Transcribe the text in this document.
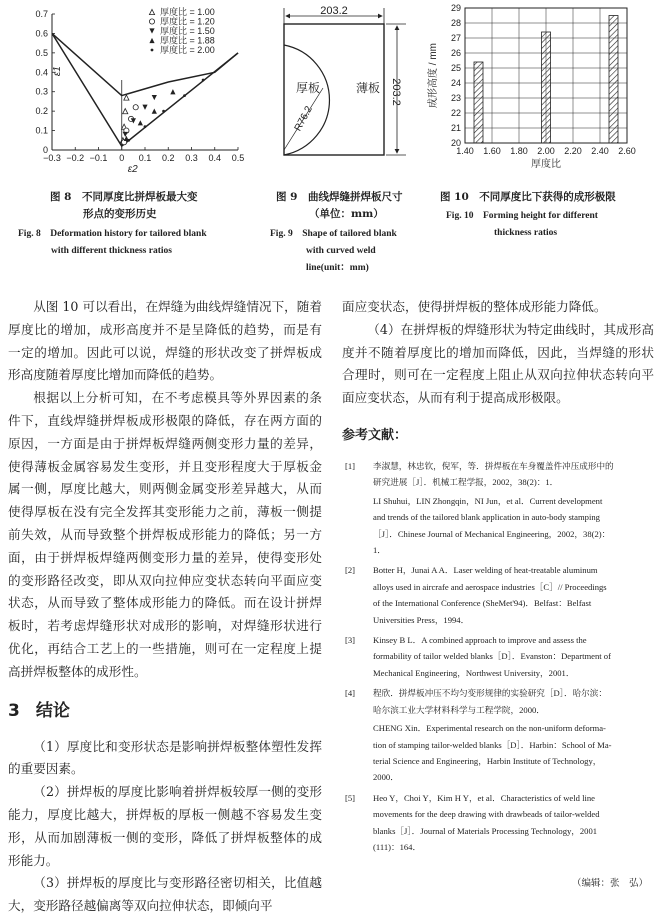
−0.3 −0.2 −0.1 0 0.1 0.2 0.3 0.4 0.5
0
0.1
0.2
0.3
0.4
0.5
0.6
0.7
ε2
ε1
厚度比 = 1.00
厚度比 = 1.20
厚度比 = 1.50
厚度比 = 1.88
厚度比 = 2.00
图 8　不同厚度比拼焊板最大变
形点的变形历史
Fig. 8　 Deformation history for tailored blank
with different thickness ratios
203.2
R76.2
厚板	薄板 203.2
图 9　曲线焊缝拼焊板尺寸
（单位：mm）
Fig. 9　 Shape of tailored blank
with curved weld
line(unit：mm)
20
21
22
23
24
25
26
27
28
29
1.40 1.60 1.80 2.00 2.20 2.40 2.60
厚度比
成形高度 / mm
图 10　不同厚度比下获得的成形极限
Fig. 10　 Forming height for different
thickness ratios

从图 10 可以看出，在焊缝为曲线焊缝情况下，随着厚度比的增加，成形高度并不是呈降低的趋势，而是有一定的增加。因此可以说，焊缝的形状改变了拼焊板成形高度随着厚度比增加而降低的趋势。

根据以上分析可知，在不考虑模具等外界因素的条件下，直线焊缝拼焊板成形极限的降低，存在两方面的原因，一方面是由于拼焊板焊缝两侧变形力量的差异，使得薄板金属容易发生变形，并且变形程度大于厚板金属一侧，厚度比越大，则两侧金属变形差异越大，从而使得厚板在没有完全发挥其变形能力之前，薄板一侧提前失效，从而导致整个拼焊板成形能力的降低；另一方面，由于拼焊板焊缝两侧变形力量的差异，使得变形处的变形路径改变，即从双向拉伸应变状态转向平面应变状态，从而导致了整体成形能力的降低。而在设计拼焊板时，若考虑焊缝形状对成形的影响，对焊缝形状进行优化，再结合工艺上的一些措施，则可在一定程度上提高拼焊板整体的成形性。

3 结论

（1）厚度比和变形状态是影响拼焊板整体塑性发挥的重要因素。

（2）拼焊板的厚度比影响着拼焊板较厚一侧的变形能力，厚度比越大，拼焊板的厚板一侧越不容易发生变形，从而加剧薄板一侧的变形，降低了拼焊板整体的成形能力。

（3）拼焊板的厚度比与变形路径密切相关，比值越大，变形路径越偏离等双向拉伸状态，即倾向平

面应变状态，使得拼焊板的整体成形能力降低。

（4）在拼焊板的焊缝形状为特定曲线时，其成形高度并不随着厚度比的增加而降低，因此，当焊缝的形状合理时，则可在一定程度上阻止从双向拉伸状态转向平面应变状态，从而有利于提高成形极限。

参考文献：
[1] 李淑慧，林忠钦，倪军，等．拼焊板在车身覆盖件冲压成形中的
研究进展［J］．机械工程学报，2002，38(2)：1．
LI Shuhui，LIN Zhongqin，NI Jun，et al．Current development
and trends of the tailored blank application in auto-body stamping
［J］．Chinese Journal of Mechanical Engineering，2002，38(2)：
1．
[2] Botter H，Junai A A．Laser welding of heat-treatable aluminum
alloys used in aircrafe and aerospace industries［C］// Proceedings
of the International Conference (SheMet'94)．Belfast：Belfast
Universities Press，1994．
[3] Kinsey B L．A combined approach to improve and assess the
formability of tailor welded blanks［D］．Evanston：Department of
Mechanical Engineering，Northwest University，2001．
[4] 程欣．拼焊板冲压不均匀变形规律的实验研究［D］．哈尔滨：
哈尔滨工业大学材料科学与工程学院，2000．
CHENG Xin．Experimental research on the non-uniform deforma-
tion of stamping tailor-welded blanks［D］．Harbin：School of Ma-
terial Science and Engineering，Harbin Institute of Technology，
2000．
[5] Heo Y，Choi Y，Kim H Y，et al．Characteristics of weld line
movements for the deep drawing with drawbeads of tailor-welded
blanks［J］．Journal of Materials Processing Technology，2001
(111)：164．
（编辑：张　弘）
